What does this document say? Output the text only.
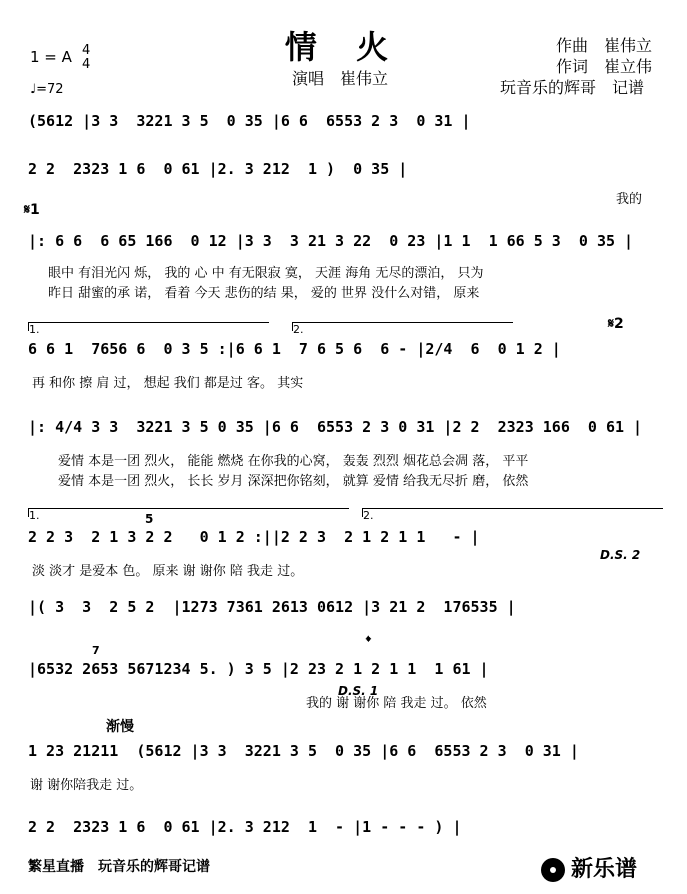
情 火
演唱　崔伟立
作曲　崔伟立
作词　崔立伟
玩音乐的辉哥　记谱
1 = A 4
4
♩=72
(5612 |3 3  3221 3 5  0 35 |6 6  6553 2 3  0 31 |
2 2  2323 1 6  0 61 |2. 3 212  1 )  0 35 |
我的
𝄋1
|: 6 6  6 65 166  0 12 |3 3  3 21 3 22  0 23 |1 1  1 66 5 3  0 35 |
眼中 有泪光闪 烁， 我的 心 中 有无限寂 寞， 天涯 海角 无尽的漂泊， 只为
昨日 甜蜜的承 诺， 看着 今天 悲伤的结 果， 爱的 世界 没什么对错， 原来
1.	2.	𝄋2
6 6 1  7656 6  0 3 5 :|6 6 1  7 6 5 6  6 - |2/4  6  0 1 2 |
再 和你 擦 肩 过， 想起 我们 都是过 客。 其实
|: 4/4 3 3  3221 3 5 0 35 |6 6  6553 2 3 0 31 |2 2  2323 166  0 61 |
爱情 本是一团 烈火， 能能 燃烧 在你我的心窝， 轰轰 烈烈 烟花总会凋 落， 平平
爱情 本是一团 烈火， 长长 岁月 深深把你铭刻， 就算 爱情 给我无尽折 磨， 依然
1.	2.
5
2 2 3  2 1 3 2 2   0 1 2 :||2 2 3  2 1 2 1 1   - |
淡 淡才 是爱本 色。 原来 谢 谢你 陪 我走 过。
D.S. 2
|( 3  3  2 5 2  |1273 7361 2613 0612 |3 21 2  176535 |
𝄌
7
|6532 2653 5671234 5. ) 3 5 |2 23 2 1 2 1 1  1 61 |
我的 谢 谢你 陪 我走 过。 依然
D.S. 1
渐慢
1 23 21211  (5612 |3 3  3221 3 5  0 35 |6 6  6553 2 3  0 31 |
谢 谢你陪我走 过。
2 2  2323 1 6  0 61 |2. 3 212  1  - |1 - - - ) |
繁星直播　玩音乐的辉哥记谱	新乐谱
